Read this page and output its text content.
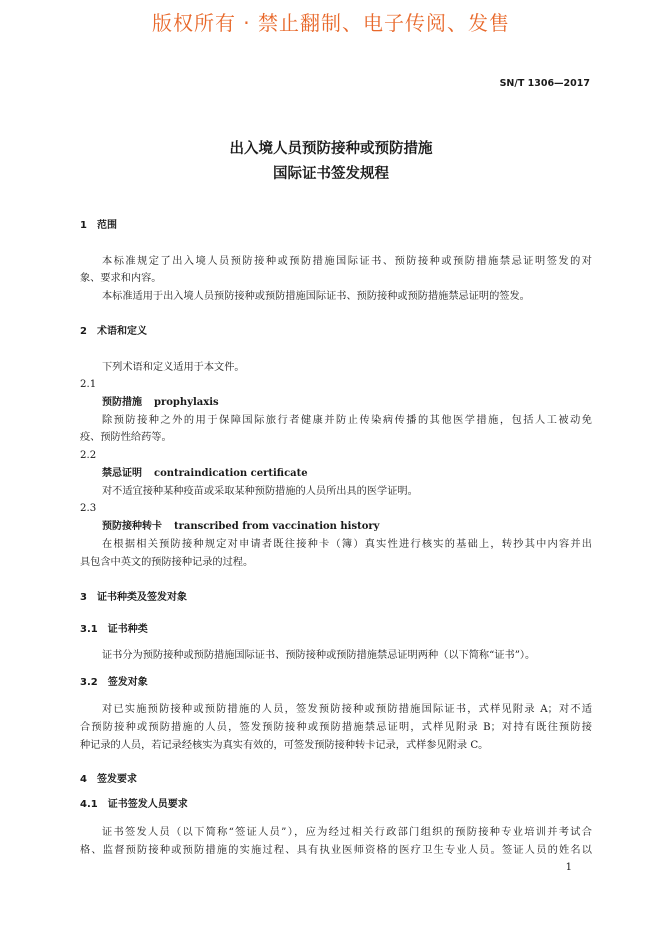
版权所有 · 禁止翻制、电子传阅、发售
SN/T 1306—2017
出入境人员预防接种或预防措施
国际证书签发规程
1　范围
本标准规定了出入境人员预防接种或预防措施国际证书、预防接种或预防措施禁忌证明签发的对
象、要求和内容。
本标准适用于出入境人员预防接种或预防措施国际证书、预防接种或预防措施禁忌证明的签发。
2　术语和定义
下列术语和定义适用于本文件。
2.1
预防措施 prophylaxis
除预防接种之外的用于保障国际旅行者健康并防止传染病传播的其他医学措施，包括人工被动免
疫、预防性给药等。
2.2
禁忌证明 contraindication certificate
对不适宜接种某种疫苗或采取某种预防措施的人员所出具的医学证明。
2.3
预防接种转卡 transcribed from vaccination history
在根据相关预防接种规定对申请者既往接种卡（簿）真实性进行核实的基础上，转抄其中内容并出
具包含中英文的预防接种记录的过程。
3　证书种类及签发对象
3.1　证书种类
证书分为预防接种或预防措施国际证书、预防接种或预防措施禁忌证明两种（以下简称“证书”）。
3.2　签发对象
对已实施预防接种或预防措施的人员，签发预防接种或预防措施国际证书，式样见附录 A；对不适
合预防接种或预防措施的人员，签发预防接种或预防措施禁忌证明，式样见附录 B；对持有既往预防接
种记录的人员，若记录经核实为真实有效的，可签发预防接种转卡记录，式样参见附录 C。
4　签发要求
4.1　证书签发人员要求
证书签发人员（以下简称“签证人员”），应为经过相关行政部门组织的预防接种专业培训并考试合
格、监督预防接种或预防措施的实施过程、具有执业医师资格的医疗卫生专业人员。签证人员的姓名以
1
